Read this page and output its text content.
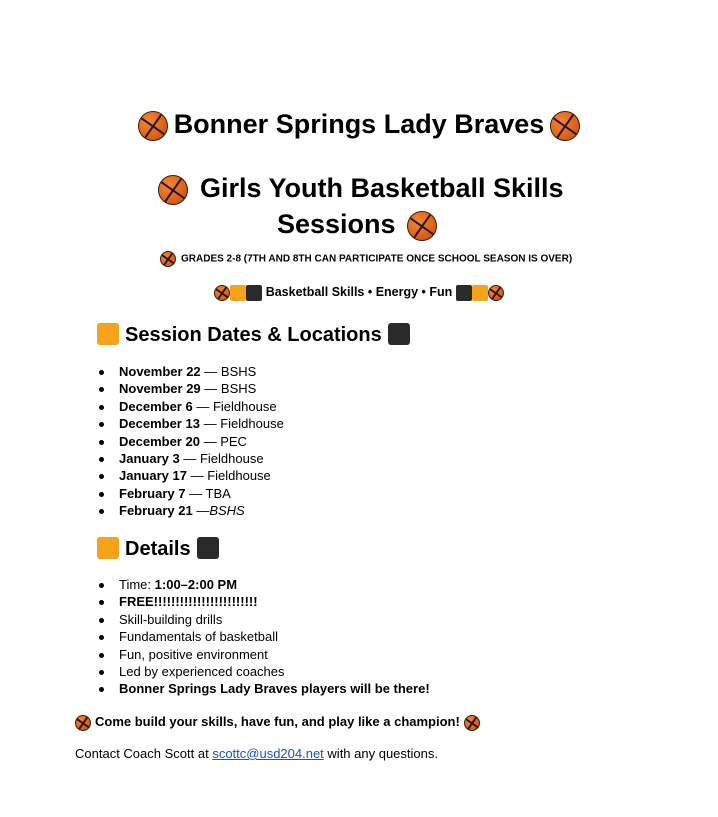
Bonner Springs Lady Braves
Girls Youth Basketball Skills
Sessions
GRADES 2-8 (7TH AND 8TH CAN PARTICIPATE ONCE SCHOOL SEASON IS OVER)
Basketball Skills • Energy • Fun
Session Dates & Locations
November 22 — BSHS
November 29 — BSHS
December 6 — Fieldhouse
December 13 — Fieldhouse
December 20 — PEC
January 3 — Fieldhouse
January 17 — Fieldhouse
February 7 — TBA
February 21 —BSHS
Details
Time: 1:00–2:00 PM
FREE!!!!!!!!!!!!!!!!!!!!!!!!
Skill-building drills
Fundamentals of basketball
Fun, positive environment
Led by experienced coaches
Bonner Springs Lady Braves players will be there!
Come build your skills, have fun, and play like a champion!
Contact Coach Scott at scottc@usd204.net with any questions.
